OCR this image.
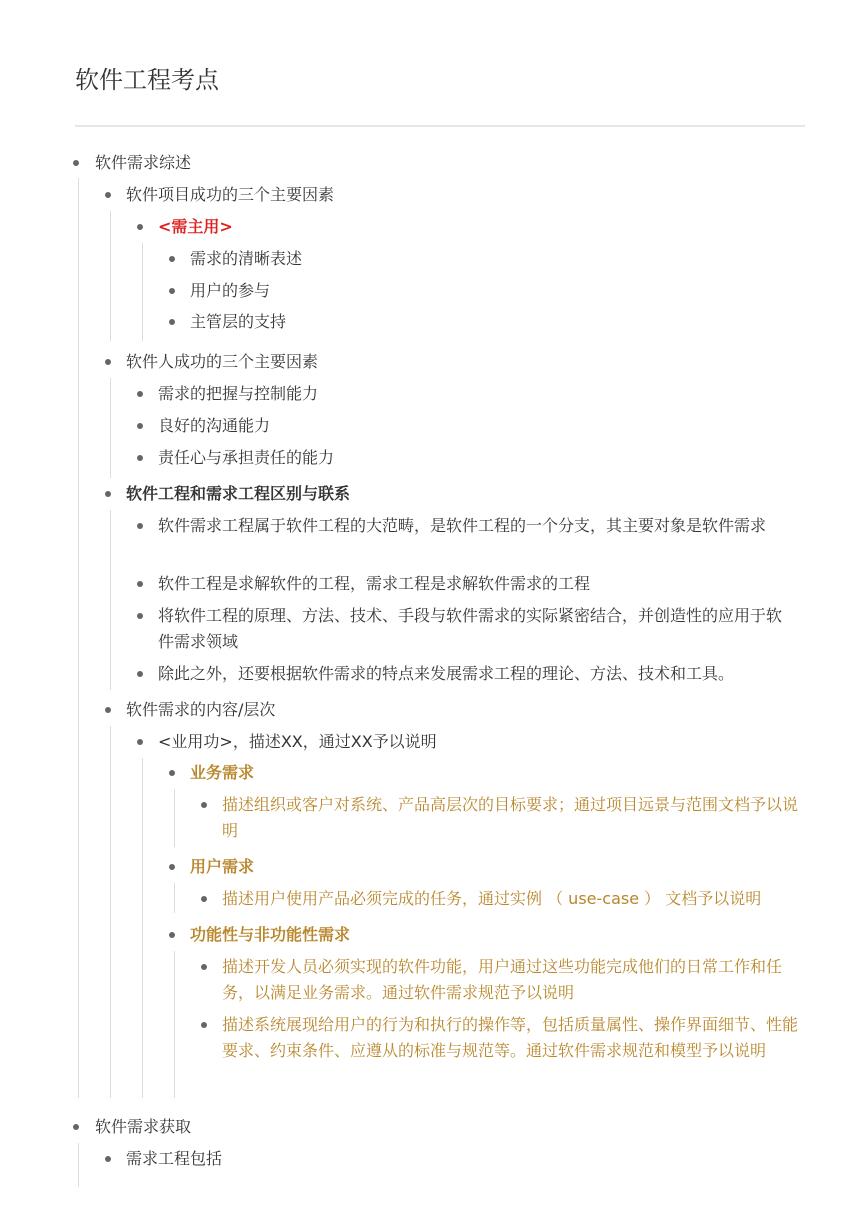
软件工程考点
软件需求综述
软件项目成功的三个主要因素
<需主用>
需求的清晰表述
用户的参与
主管层的支持
软件人成功的三个主要因素
需求的把握与控制能力
良好的沟通能力
责任心与承担责任的能力
软件工程和需求工程区别与联系
软件需求工程属于软件工程的大范畴，是软件工程的一个分支，其主要对象是软件需求
软件工程是求解软件的工程，需求工程是求解软件需求的工程
将软件工程的原理、方法、技术、手段与软件需求的实际紧密结合，并创造性的应用于软件需求领域
除此之外，还要根据软件需求的特点来发展需求工程的理论、方法、技术和工具。
软件需求的内容/层次
<业用功>，描述XX，通过XX予以说明
业务需求
描述组织或客户对系统、产品高层次的目标要求；通过项目远景与范围文档予以说明
用户需求
描述用户使用产品必须完成的任务，通过实例 （ use-case ） 文档予以说明
功能性与非功能性需求
描述开发人员必须实现的软件功能，用户通过这些功能完成他们的日常工作和任务，以满足业务需求。通过软件需求规范予以说明
描述系统展现给用户的行为和执行的操作等，包括质量属性、操作界面细节、性能要求、约束条件、应遵从的标准与规范等。通过软件需求规范和模型予以说明
软件需求获取
需求工程包括
